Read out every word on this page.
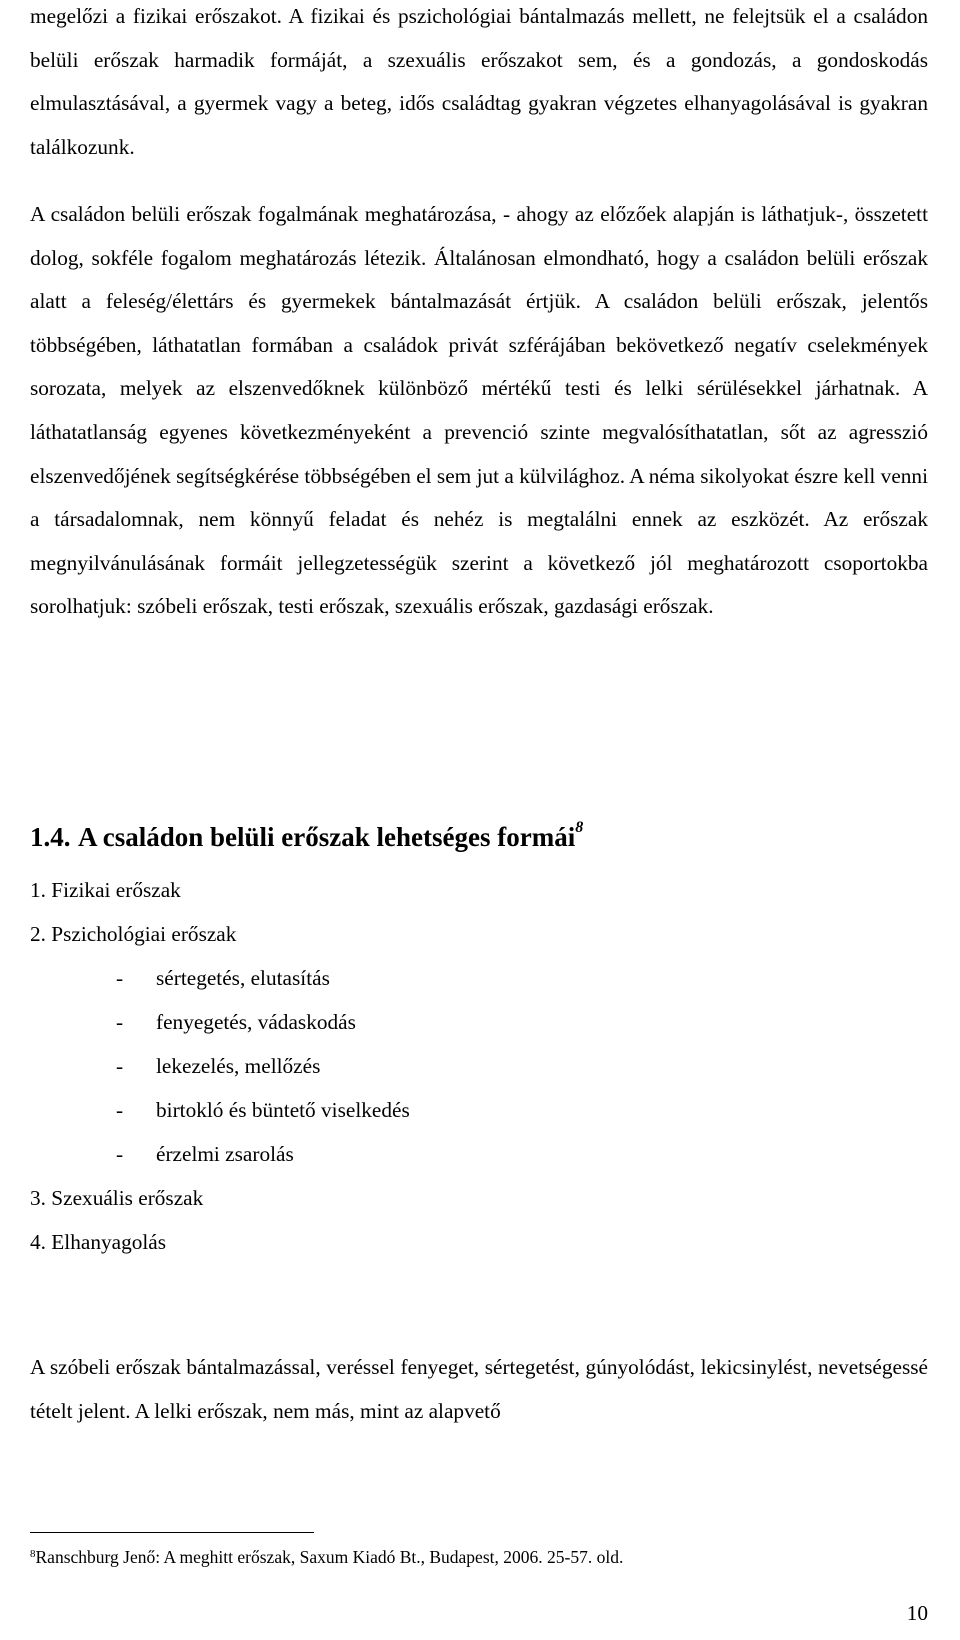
megelőzi a fizikai erőszakot. A fizikai és pszichológiai bántalmazás mellett, ne felejtsük el a családon belüli erőszak harmadik formáját, a szexuális erőszakot sem, és a gondozás, a gondoskodás elmulasztásával, a gyermek vagy a beteg, idős családtag gyakran végzetes elhanyagolásával is gyakran találkozunk.

A családon belüli erőszak fogalmának meghatározása, - ahogy az előzőek alapján is láthatjuk-, összetett dolog, sokféle fogalom meghatározás létezik. Általánosan elmondható, hogy a családon belüli erőszak alatt a feleség/élettárs és gyermekek bántalmazását értjük. A családon belüli erőszak, jelentős többségében, láthatatlan formában a családok privát szférájában bekövetkező negatív cselekmények sorozata, melyek az elszenvedőknek különböző mértékű testi és lelki sérülésekkel járhatnak. A láthatatlanság egyenes következményeként a prevenció szinte megvalósíthatatlan, sőt az agresszió elszenvedőjének segítségkérése többségében el sem jut a külvilághoz. A néma sikolyokat észre kell venni a társadalomnak, nem könnyű feladat és nehéz is megtalálni ennek az eszközét. Az erőszak megnyilvánulásának formáit jellegzetességük szerint a következő jól meghatározott csoportokba sorolhatjuk: szóbeli erőszak, testi erőszak, szexuális erőszak, gazdasági erőszak.

1.4. A családon belüli erőszak lehetséges formái$^8$
1. Fizikai erőszak
2. Pszichológiai erőszak
- sértegetés, elutasítás
- fenyegetés, vádaskodás
- lekezelés, mellőzés
- birtokló és büntető viselkedés
- érzelmi zsarolás
3. Szexuális erőszak
4. Elhanyagolás

A szóbeli erőszak bántalmazással, veréssel fenyeget, sértegetést, gúnyolódást, lekicsinylést, nevetségessé tételt jelent. A lelki erőszak, nem más, mint az alapvető

$^8$Ranschburg Jenő: A meghitt erőszak, Saxum Kiadó Bt., Budapest, 2006. 25-57. old.
10
